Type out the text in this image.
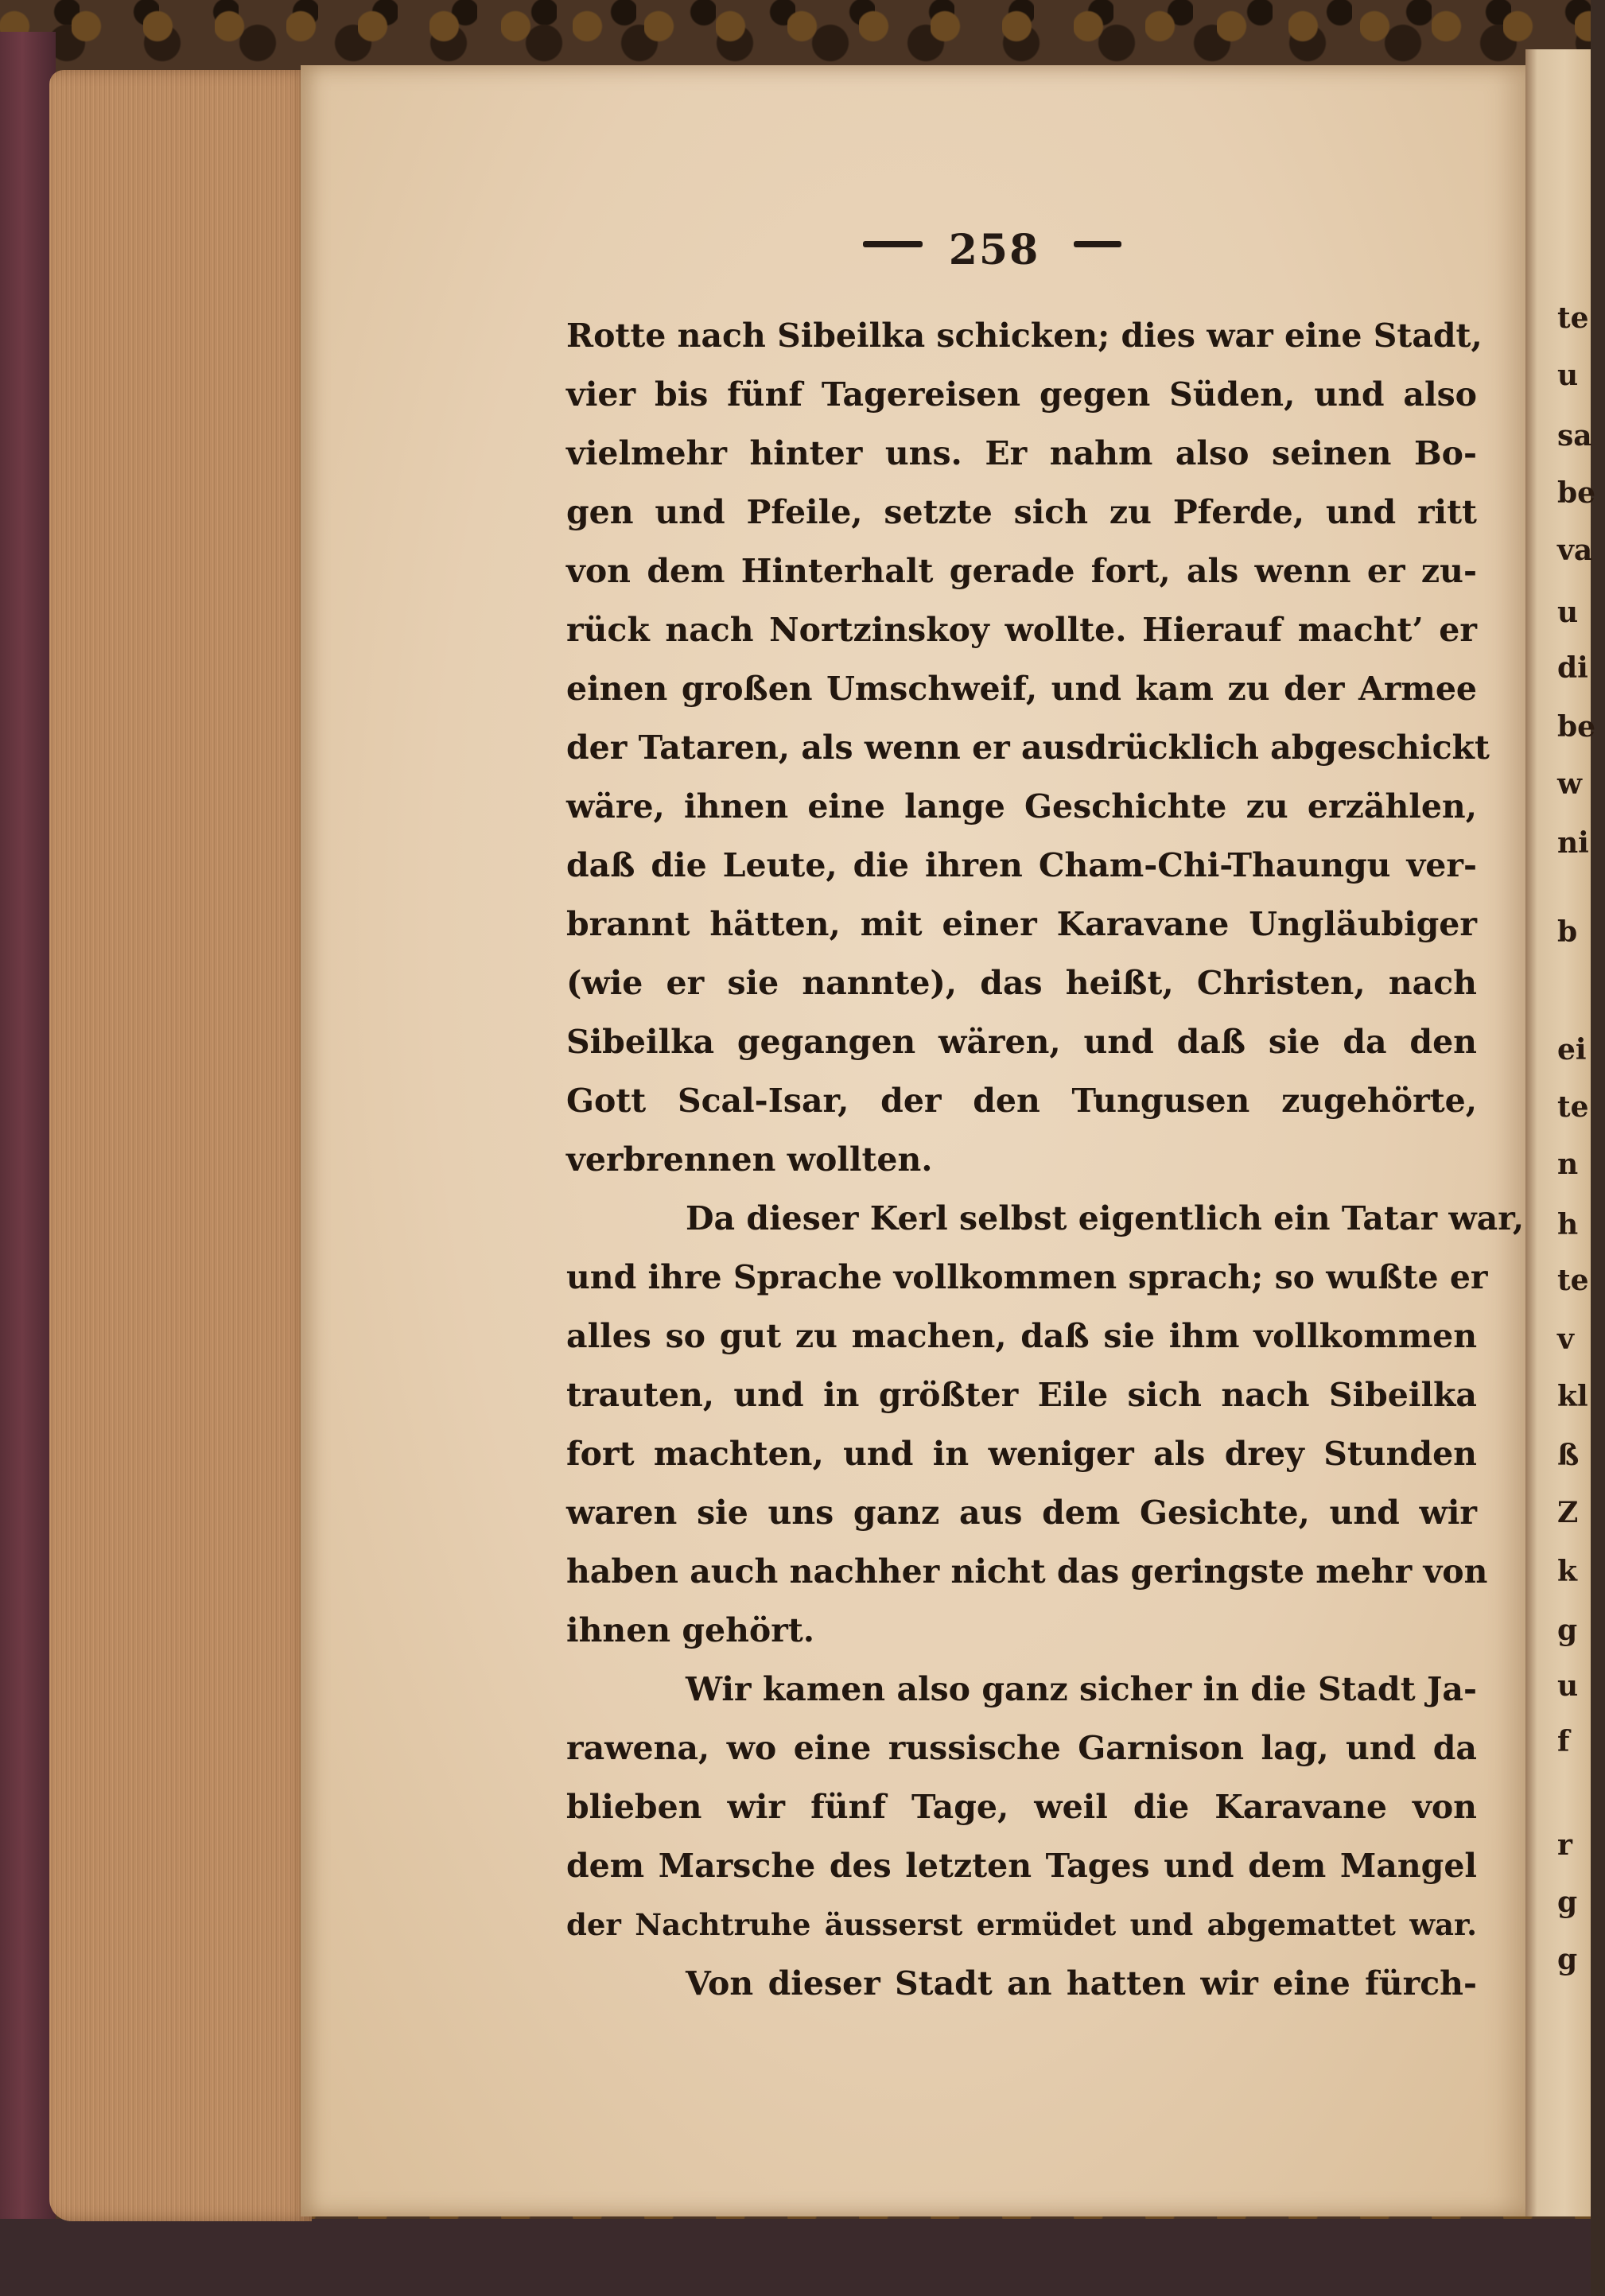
te
u
sa
be
va
u
di
be
w
ni
b
ei
te
n
h
te
v
kl
ß
Z
k
g
u
f
r
g
g
258
Rotte nach Sibeilka schicken; dies war eine Stadt,
vier bis fünf Tagereisen gegen Süden, und also
vielmehr hinter uns. Er nahm also seinen Bo-
gen und Pfeile, setzte sich zu Pferde, und ritt
von dem Hinterhalt gerade fort, als wenn er zu-
rück nach Nortzinskoy wollte. Hierauf macht’ er
einen großen Umschweif, und kam zu der Armee
der Tataren, als wenn er ausdrücklich abgeschickt
wäre, ihnen eine lange Geschichte zu erzählen,
daß die Leute, die ihren Cham-Chi-Thaungu ver-
brannt hätten, mit einer Karavane Ungläubiger
(wie er sie nannte), das heißt, Christen, nach
Sibeilka gegangen wären, und daß sie da den
Gott Scal-Isar, der den Tungusen zugehörte,
verbrennen wollten.
Da dieser Kerl selbst eigentlich ein Tatar war,
und ihre Sprache vollkommen sprach; so wußte er
alles so gut zu machen, daß sie ihm vollkommen
trauten, und in größter Eile sich nach Sibeilka
fort machten, und in weniger als drey Stunden
waren sie uns ganz aus dem Gesichte, und wir
haben auch nachher nicht das geringste mehr von
ihnen gehört.
Wir kamen also ganz sicher in die Stadt Ja-
rawena, wo eine russische Garnison lag, und da
blieben wir fünf Tage, weil die Karavane von
dem Marsche des letzten Tages und dem Mangel
der Nachtruhe äusserst ermüdet und abgemattet war.
Von dieser Stadt an hatten wir eine fürch-
